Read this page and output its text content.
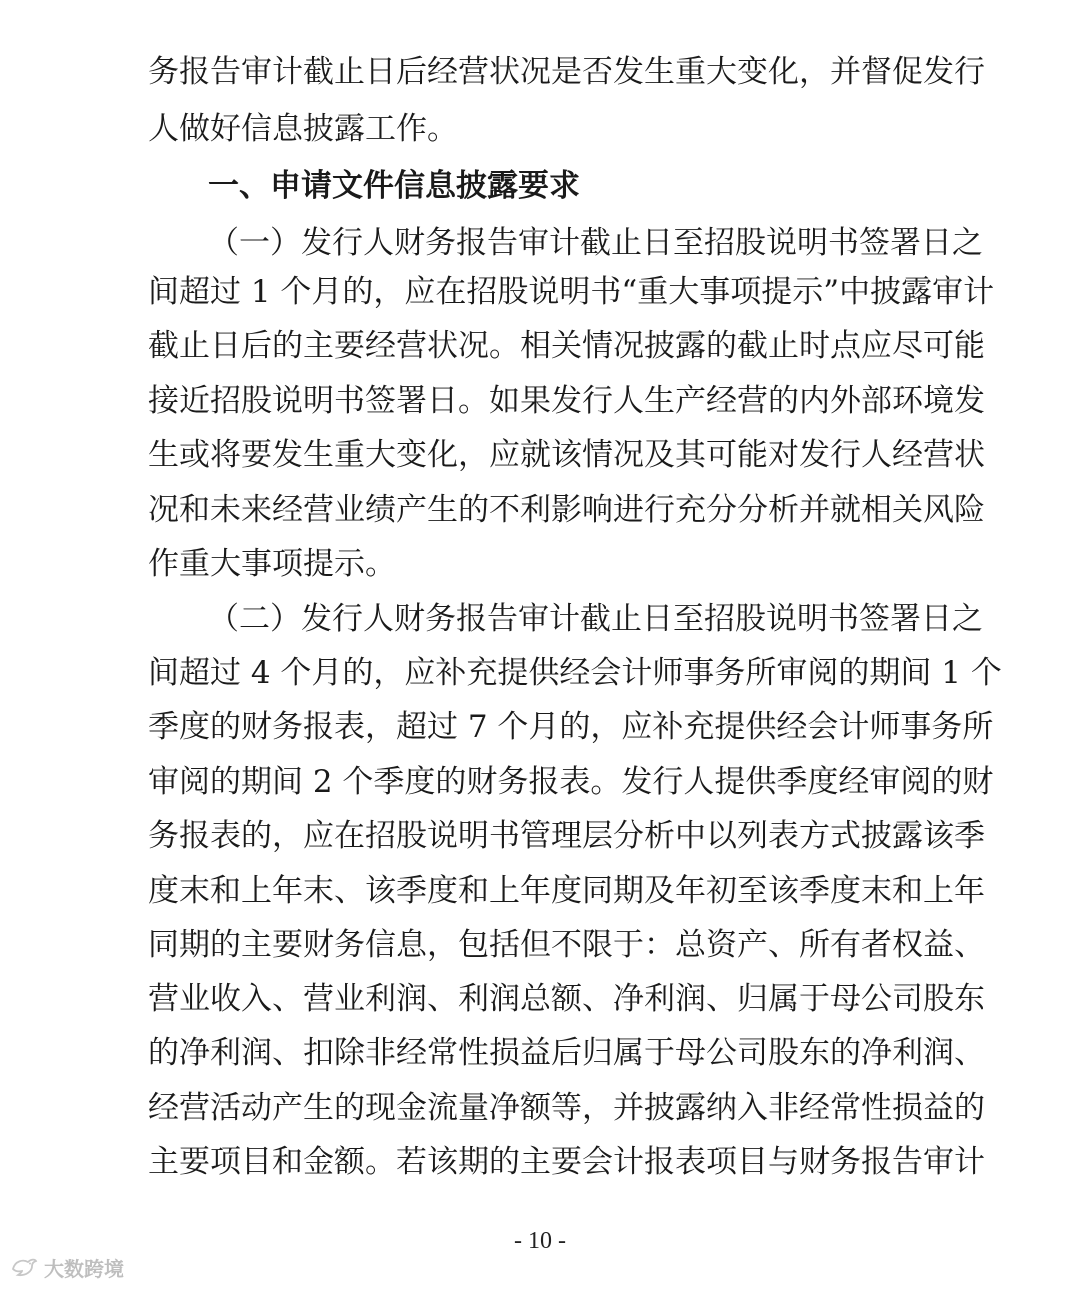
务报告审计截止日后经营状况是否发生重大变化，并督促发行
人做好信息披露工作。
一、申请文件信息披露要求
（一）发行人财务报告审计截止日至招股说明书签署日之
间超过 1 个月的，应在招股说明书“重大事项提示”中披露审计
截止日后的主要经营状况。相关情况披露的截止时点应尽可能
接近招股说明书签署日。如果发行人生产经营的内外部环境发
生或将要发生重大变化，应就该情况及其可能对发行人经营状
况和未来经营业绩产生的不利影响进行充分分析并就相关风险
作重大事项提示。
（二）发行人财务报告审计截止日至招股说明书签署日之
间超过 4 个月的，应补充提供经会计师事务所审阅的期间 1 个
季度的财务报表，超过 7 个月的，应补充提供经会计师事务所
审阅的期间 2 个季度的财务报表。发行人提供季度经审阅的财
务报表的，应在招股说明书管理层分析中以列表方式披露该季
度末和上年末、该季度和上年度同期及年初至该季度末和上年
同期的主要财务信息，包括但不限于：总资产、所有者权益、
营业收入、营业利润、利润总额、净利润、归属于母公司股东
的净利润、扣除非经常性损益后归属于母公司股东的净利润、
经营活动产生的现金流量净额等，并披露纳入非经常性损益的
主要项目和金额。若该期的主要会计报表项目与财务报告审计
- 10 -
大数跨境
